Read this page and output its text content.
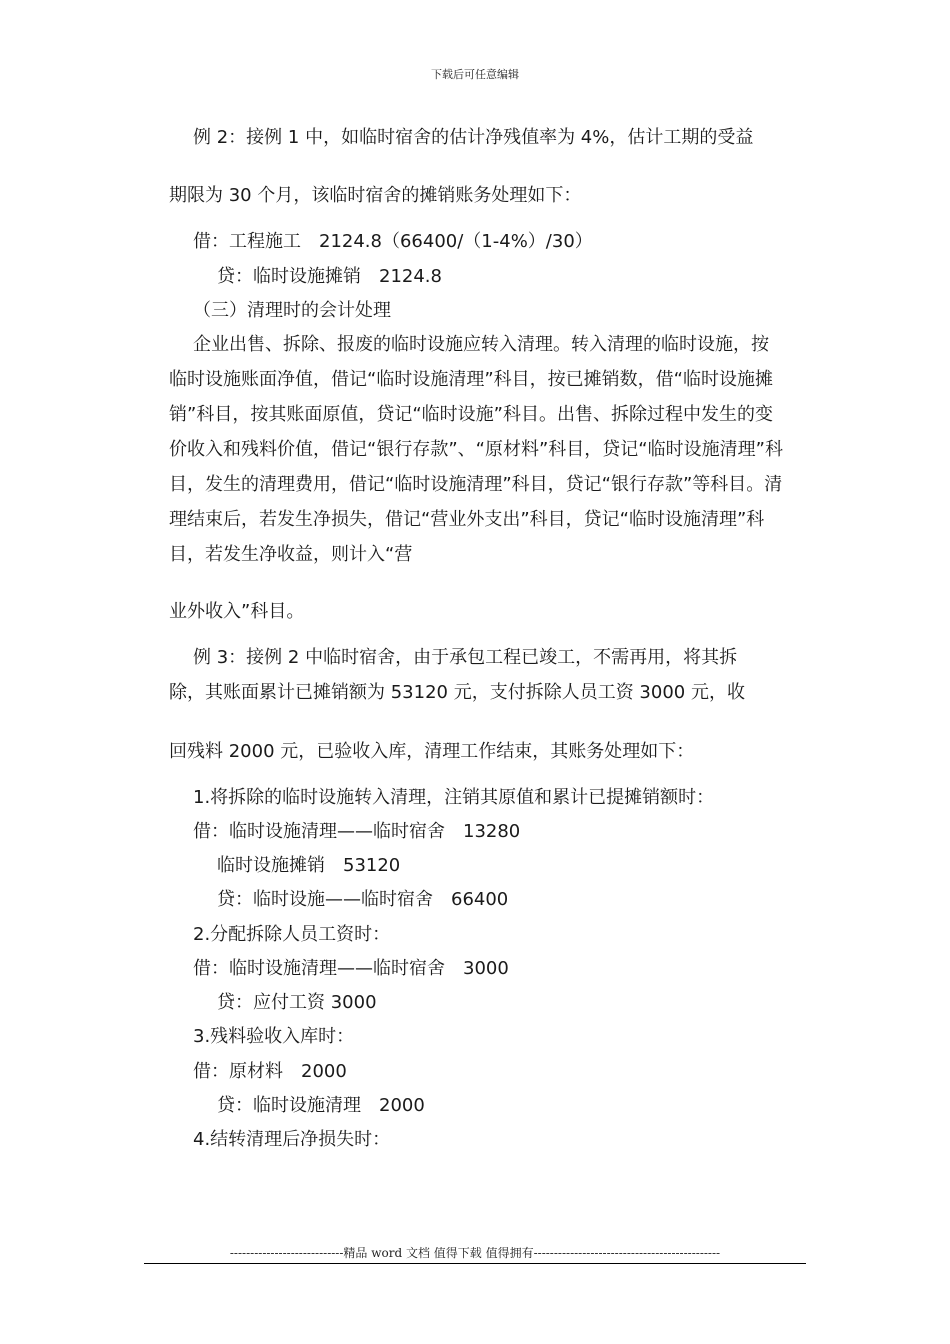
下载后可任意编辑
例 2：接例 1 中，如临时宿舍的估计净残值率为 4%，估计工期的受益
期限为 30 个月，该临时宿舍的摊销账务处理如下：
借：工程施工　2124.8（66400/（1-4%）/30）
贷：临时设施摊销　2124.8
（三）清理时的会计处理
企业出售、拆除、报废的临时设施应转入清理。转入清理的临时设施，按临时设施账面净值，借记“临时设施清理”科目，按已摊销数，借“临时设施摊销”科目，按其账面原值，贷记“临时设施”科目。出售、拆除过程中发生的变价收入和残料价值，借记“银行存款”、“原材料”科目，贷记“临时设施清理”科目，发生的清理费用，借记“临时设施清理”科目，贷记“银行存款”等科目。清理结束后，若发生净损失，借记“营业外支出”科目，贷记“临时设施清理”科目，若发生净收益，则计入“营
业外收入”科目。
例 3：接例 2 中临时宿舍，由于承包工程已竣工，不需再用，将其拆
除，其账面累计已摊销额为 53120 元，支付拆除人员工资 3000 元，收
回残料 2000 元，已验收入库，清理工作结束，其账务处理如下：
1.将拆除的临时设施转入清理，注销其原值和累计已提摊销额时：
借：临时设施清理——临时宿舍　13280
临时设施摊销　53120
贷：临时设施——临时宿舍　66400
2.分配拆除人员工资时：
借：临时设施清理——临时宿舍　3000
贷：应付工资 3000
3.残料验收入库时：
借：原材料　2000
贷：临时设施清理　2000
4.结转清理后净损失时：
----------------------------精品 word 文档 值得下载 值得拥有----------------------------------------------
